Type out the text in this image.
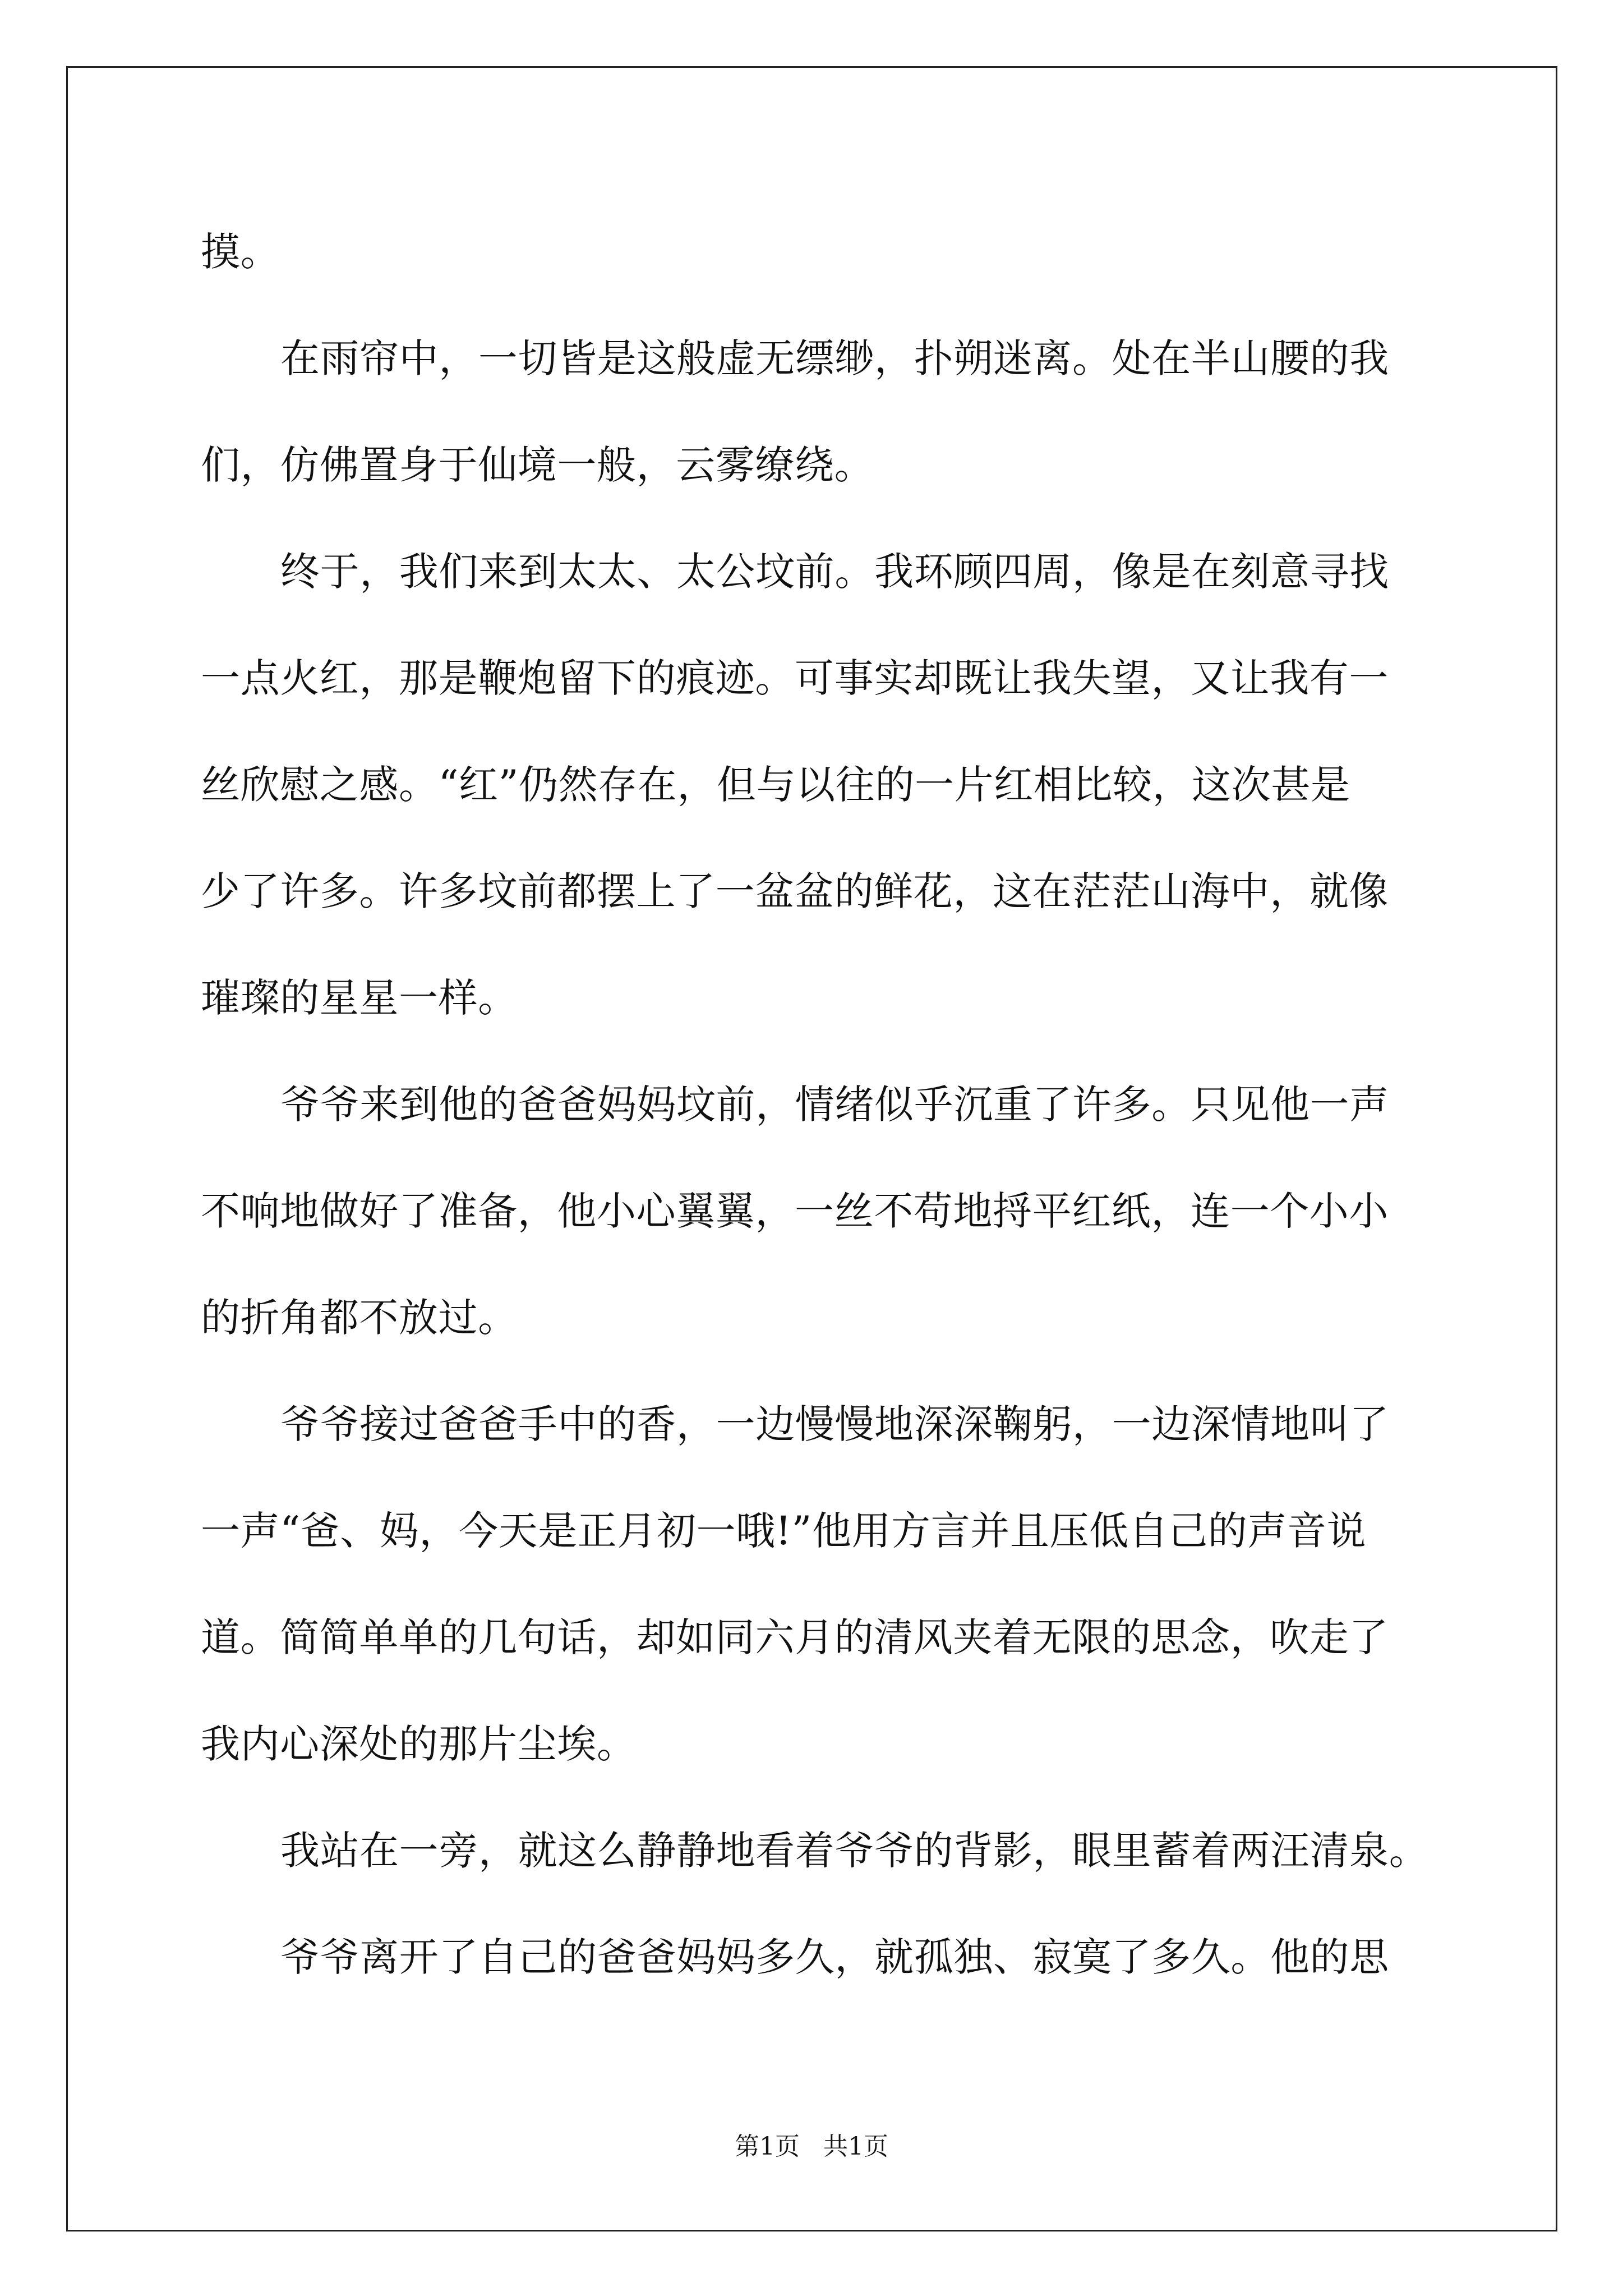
摸。
在雨帘中，一切皆是这般虚无缥缈，扑朔迷离。处在半山腰的我
们，仿佛置身于仙境一般，云雾缭绕。
终于，我们来到太太、太公坟前。我环顾四周，像是在刻意寻找
一点火红，那是鞭炮留下的痕迹。可事实却既让我失望，又让我有一
丝欣慰之感。“红”仍然存在，但与以往的一片红相比较，这次甚是
少了许多。许多坟前都摆上了一盆盆的鲜花，这在茫茫山海中，就像
璀璨的星星一样。
爷爷来到他的爸爸妈妈坟前，情绪似乎沉重了许多。只见他一声
不响地做好了准备，他小心翼翼，一丝不苟地捋平红纸，连一个小小
的折角都不放过。
爷爷接过爸爸手中的香，一边慢慢地深深鞠躬，一边深情地叫了
一声“爸、妈，今天是正月初一哦!”他用方言并且压低自己的声音说
道。简简单单的几句话，却如同六月的清风夹着无限的思念，吹走了
我内心深处的那片尘埃。
我站在一旁，就这么静静地看着爷爷的背影，眼里蓄着两汪清泉。
爷爷离开了自己的爸爸妈妈多久，就孤独、寂寞了多久。他的思
第1页   共1页
